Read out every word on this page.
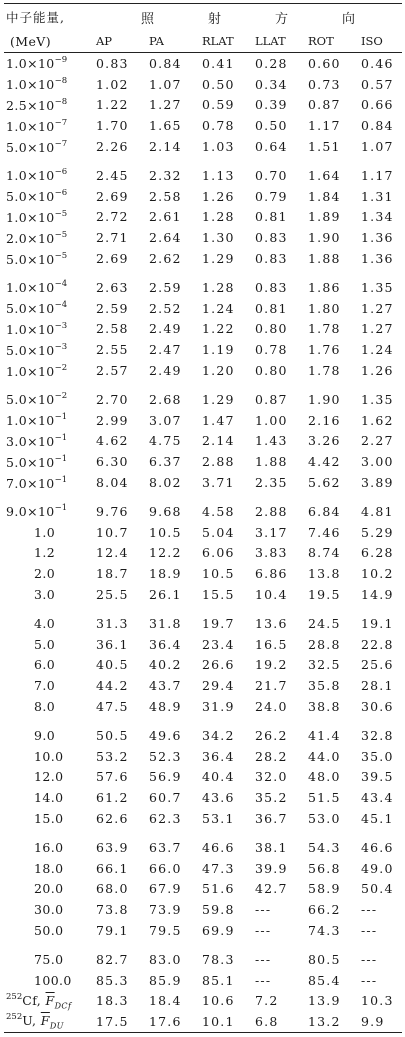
中子能量,	照 射 方 向					

(MeV)	AP	PA	RLAT	LLAT	ROT	ISO
$1.0\times 10^{-9}$	0.83	0.84	0.41	0.28	0.60	0.46
$1.0\times 10^{-8}$	1.02	1.07	0.50	0.34	0.73	0.57
$2.5\times 10^{-8}$	1.22	1.27	0.59	0.39	0.87	0.66
$1.0\times 10^{-7}$	1.70	1.65	0.78	0.50	1.17	0.84
$5.0\times 10^{-7}$	2.26	2.14	1.03	0.64	1.51	1.07

$1.0\times 10^{-6}$	2.45	2.32	1.13	0.70	1.64	1.17
$5.0\times 10^{-6}$	2.69	2.58	1.26	0.79	1.84	1.31
$1.0\times 10^{-5}$	2.72	2.61	1.28	0.81	1.89	1.34
$2.0\times 10^{-5}$	2.71	2.64	1.30	0.83	1.90	1.36
$5.0\times 10^{-5}$	2.69	2.62	1.29	0.83	1.88	1.36

$1.0\times 10^{-4}$	2.63	2.59	1.28	0.83	1.86	1.35
$5.0\times 10^{-4}$	2.59	2.52	1.24	0.81	1.80	1.27
$1.0\times 10^{-3}$	2.58	2.49	1.22	0.80	1.78	1.27
$5.0\times 10^{-3}$	2.55	2.47	1.19	0.78	1.76	1.24
$1.0\times 10^{-2}$	2.57	2.49	1.20	0.80	1.78	1.26

$5.0\times 10^{-2}$	2.70	2.68	1.29	0.87	1.90	1.35
$1.0\times 10^{-1}$	2.99	3.07	1.47	1.00	2.16	1.62
$3.0\times 10^{-1}$	4.62	4.75	2.14	1.43	3.26	2.27
$5.0\times 10^{-1}$	6.30	6.37	2.88	1.88	4.42	3.00
$7.0\times 10^{-1}$	8.04	8.02	3.71	2.35	5.62	3.89

$9.0\times 10^{-1}$	9.76	9.68	4.58	2.88	6.84	4.81
1.0	10.7	10.5	5.04	3.17	7.46	5.29
1.2	12.4	12.2	6.06	3.83	8.74	6.28
2.0	18.7	18.9	10.5	6.86	13.8	10.2
3.0	25.5	26.1	15.5	10.4	19.5	14.9

4.0	31.3	31.8	19.7	13.6	24.5	19.1
5.0	36.1	36.4	23.4	16.5	28.8	22.8
6.0	40.5	40.2	26.6	19.2	32.5	25.6
7.0	44.2	43.7	29.4	21.7	35.8	28.1
8.0	47.5	48.9	31.9	24.0	38.8	30.6

9.0	50.5	49.6	34.2	26.2	41.4	32.8
10.0	53.2	52.3	36.4	28.2	44.0	35.0
12.0	57.6	56.9	40.4	32.0	48.0	39.5
14.0	61.2	60.7	43.6	35.2	51.5	43.4
15.0	62.6	62.3	53.1	36.7	53.0	45.1

16.0	63.9	63.7	46.6	38.1	54.3	46.6
18.0	66.1	66.0	47.3	39.9	56.8	49.0
20.0	68.0	67.9	51.6	42.7	58.9	50.4
30.0	73.8	73.9	59.8	---	66.2	---
50.0	79.1	79.5	69.9	---	74.3	---

75.0	82.7	83.0	78.3	---	80.5	---
100.0	85.3	85.9	85.1	---	85.4	---
$^{252}$Cf, $\overline{F}_{DCf}$	18.3	18.4	10.6	7.2	13.9	10.3
$^{252}$U, $\overline{F}_{DU}$	17.5	17.6	10.1	6.8	13.2	9.9
